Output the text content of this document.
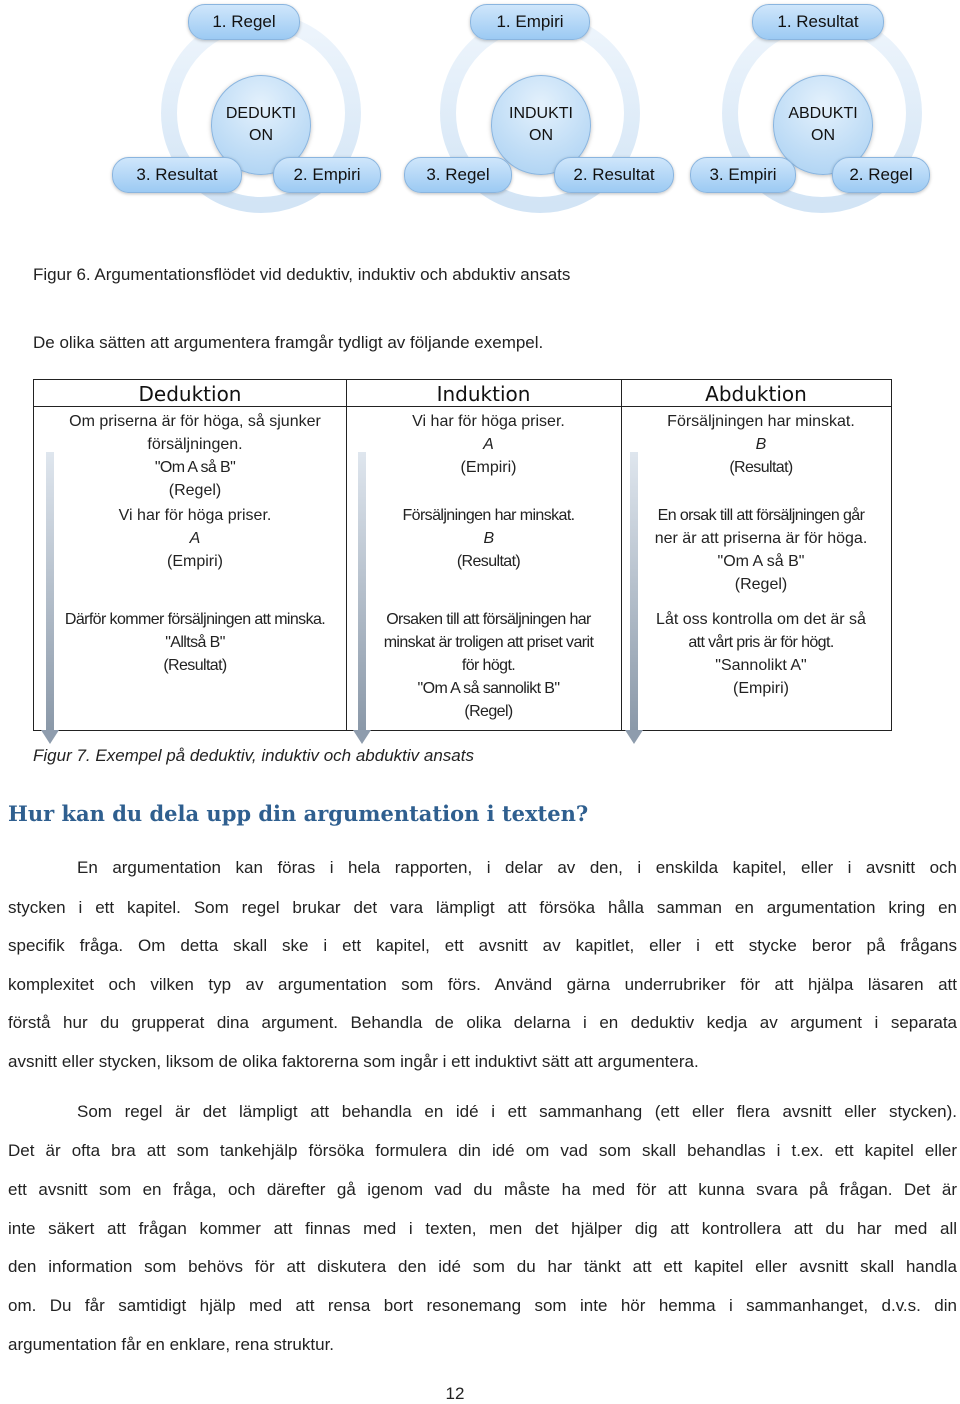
DEDUKTION
INDUKTION
ABDUKTION
1. Regel	1. Empiri	1. Resultat
3. Resultat	2. Empiri	3. Regel	2. Resultat	3. Empiri	2. Regel
Figur 6. Argumentationsflödet vid deduktiv, induktiv och abduktiv ansats
De olika sätten att argumentera framgår tydligt av följande exempel.
Deduktion
Om priserna är för höga, så sjunker
försäljningen.
"Om A så B"
(Regel)
Vi har för höga priser.
A
(Empiri)
Därför kommer försäljningen att minska.
"Alltså B"
(Resultat)
Induktion
Vi har för höga priser.
A
(Empiri)
Försäljningen har minskat.
B
(Resultat)
Orsaken till att försäljningen har
minskat är troligen att priset varit
för högt.
"Om A så sannolikt B"
(Regel)
Abduktion
Försäljningen har minskat.
B
(Resultat)
En orsak till att försäljningen går
ner är att priserna är för höga.
"Om A så B"
(Regel)
Låt oss kontrolla om det är så
att vårt pris är för högt.
"Sannolikt A"
(Empiri)
Figur 7. Exempel på deduktiv, induktiv och abduktiv ansats
Hur kan du dela upp din argumentation i texten?
En argumentation kan föras i hela rapporten, i delar av den, i enskilda kapitel, eller i avsnitt och
stycken i ett kapitel. Som regel brukar det vara lämpligt att försöka hålla samman en argumentation kring en
specifik fråga. Om detta skall ske i ett kapitel, ett avsnitt av kapitlet, eller i ett stycke beror på frågans
komplexitet och vilken typ av argumentation som förs. Använd gärna underrubriker för att hjälpa läsaren att
förstå hur du grupperat dina argument. Behandla de olika delarna i en deduktiv kedja av argument i separata
avsnitt eller stycken, liksom de olika faktorerna som ingår i ett induktivt sätt att argumentera.
Som regel är det lämpligt att behandla en idé i ett sammanhang (ett eller flera avsnitt eller stycken).
Det är ofta bra att som tankehjälp försöka formulera din idé om vad som skall behandlas i t.ex. ett kapitel eller
ett avsnitt som en fråga, och därefter gå igenom vad du måste ha med för att kunna svara på frågan. Det är
inte säkert att frågan kommer att finnas med i texten, men det hjälper dig att kontrollera att du har med all
den information som behövs för att diskutera den idé som du har tänkt att ett kapitel eller avsnitt skall handla
om. Du får samtidigt hjälp med att rensa bort resonemang som inte hör hemma i sammanhanget, d.v.s. din
argumentation får en enklare, rena struktur.
12
